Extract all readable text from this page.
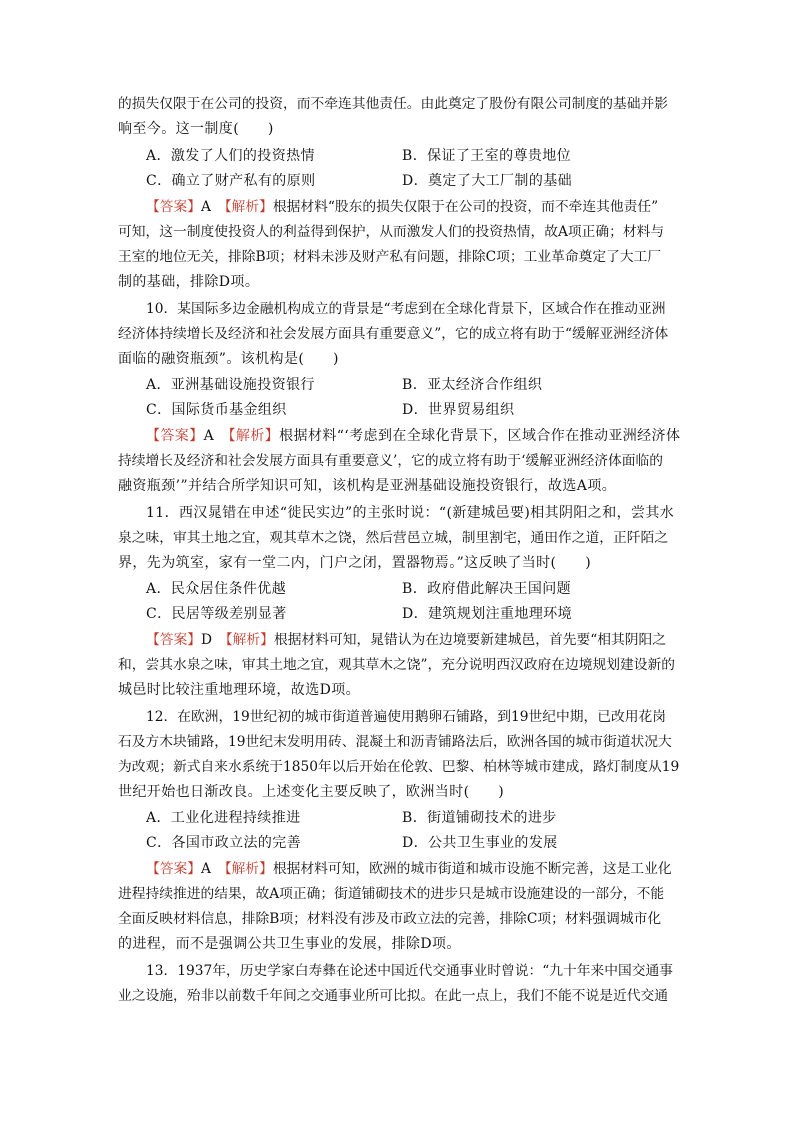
的损失仅限于在公司的投资，而不牵连其他责任。由此奠定了股份有限公司制度的基础并影
响至今。这一制度(　　)
A．激发了人们的投资热情	B．保证了王室的尊贵地位
C．确立了财产私有的原则	D．奠定了大工厂制的基础
【答案】A　【解析】根据材料“股东的损失仅限于在公司的投资，而不牵连其他责任”
可知，这一制度使投资人的利益得到保护，从而激发人们的投资热情，故A项正确；材料与
王室的地位无关，排除B项；材料未涉及财产私有问题，排除C项；工业革命奠定了大工厂
制的基础，排除D项。
10．某国际多边金融机构成立的背景是“考虑到在全球化背景下，区域合作在推动亚洲
经济体持续增长及经济和社会发展方面具有重要意义”，它的成立将有助于“缓解亚洲经济体
面临的融资瓶颈”。该机构是(　　)
A．亚洲基础设施投资银行	B．亚太经济合作组织
C．国际货币基金组织	D．世界贸易组织
【答案】A　【解析】根据材料“‘考虑到在全球化背景下，区域合作在推动亚洲经济体
持续增长及经济和社会发展方面具有重要意义’，它的成立将有助于‘缓解亚洲经济体面临的
融资瓶颈’”并结合所学知识可知，该机构是亚洲基础设施投资银行，故选A项。
11．西汉晁错在申述“徙民实边”的主张时说：“(新建城邑要)相其阴阳之和，尝其水
泉之味，审其土地之宜，观其草木之饶，然后营邑立城，制里割宅，通田作之道，正阡陌之
界，先为筑室，家有一堂二内，门户之闭，置器物焉。”这反映了当时(　　)
A．民众居住条件优越	B．政府借此解决王国问题
C．民居等级差别显著	D．建筑规划注重地理环境
【答案】D　【解析】根据材料可知，晁错认为在边境要新建城邑，首先要“相其阴阳之
和，尝其水泉之味，审其土地之宜，观其草木之饶”，充分说明西汉政府在边境规划建设新的
城邑时比较注重地理环境，故选D项。
12．在欧洲，19世纪初的城市街道普遍使用鹅卵石铺路，到19世纪中期，已改用花岗
石及方木块铺路，19世纪末发明用砖、混凝土和沥青铺路法后，欧洲各国的城市街道状况大
为改观；新式自来水系统于1850年以后开始在伦敦、巴黎、柏林等城市建成，路灯制度从19
世纪开始也日渐改良。上述变化主要反映了，欧洲当时(　　)
A．工业化进程持续推进	B．街道铺砌技术的进步
C．各国市政立法的完善	D．公共卫生事业的发展
【答案】A　【解析】根据材料可知，欧洲的城市街道和城市设施不断完善，这是工业化
进程持续推进的结果，故A项正确；街道铺砌技术的进步只是城市设施建设的一部分，不能
全面反映材料信息，排除B项；材料没有涉及市政立法的完善，排除C项；材料强调城市化
的进程，而不是强调公共卫生事业的发展，排除D项。
13．1937年，历史学家白寿彝在论述中国近代交通事业时曾说：“九十年来中国交通事
业之设施，殆非以前数千年间之交通事业所可比拟。在此一点上，我们不能不说是近代交通
